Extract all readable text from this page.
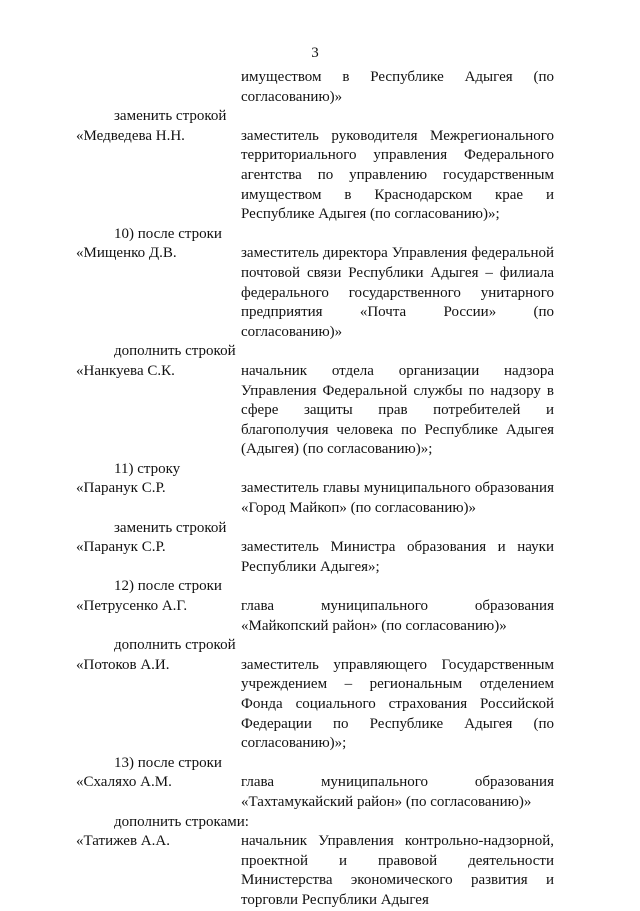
3
имуществом в Республике Адыгея (по согласованию)»
заменить строкой
«Медведева Н.Н.	заместитель руководителя Межрегионального территориального управления Федерального агентства по управлению государственным имуществом в Краснодарском крае и Республике Адыгея (по согласованию)»;
10) после строки
«Мищенко Д.В.	заместитель директора Управления федеральной почтовой связи Республики Адыгея – филиала федерального государственного унитарного предприятия «Почта России» (по согласованию)»
дополнить строкой
«Нанкуева С.К.	начальник отдела организации надзора Управления Федеральной службы по надзору в сфере защиты прав потребителей и благополучия человека по Республике Адыгея (Адыгея) (по согласованию)»;
11) строку
«Паранук С.Р.	заместитель главы муниципального образования «Город Майкоп» (по согласованию)»
заменить строкой
«Паранук С.Р.	заместитель Министра образования и науки Республики Адыгея»;
12) после строки
«Петрусенко А.Г.	глава муниципального образования «Майкопский район» (по согласованию)»
дополнить строкой
«Потоков А.И.	заместитель управляющего Государственным учреждением – региональным отделением Фонда социального страхования Российской Федерации по Республике Адыгея (по согласованию)»;
13) после строки
«Схаляхо А.М.	глава муниципального образования «Тахтамукайский район» (по согласованию)»
дополнить строками:
«Татижев А.А.	начальник Управления контрольно-надзорной, проектной и правовой деятельности Министерства экономического развития и торговли Республики Адыгея
